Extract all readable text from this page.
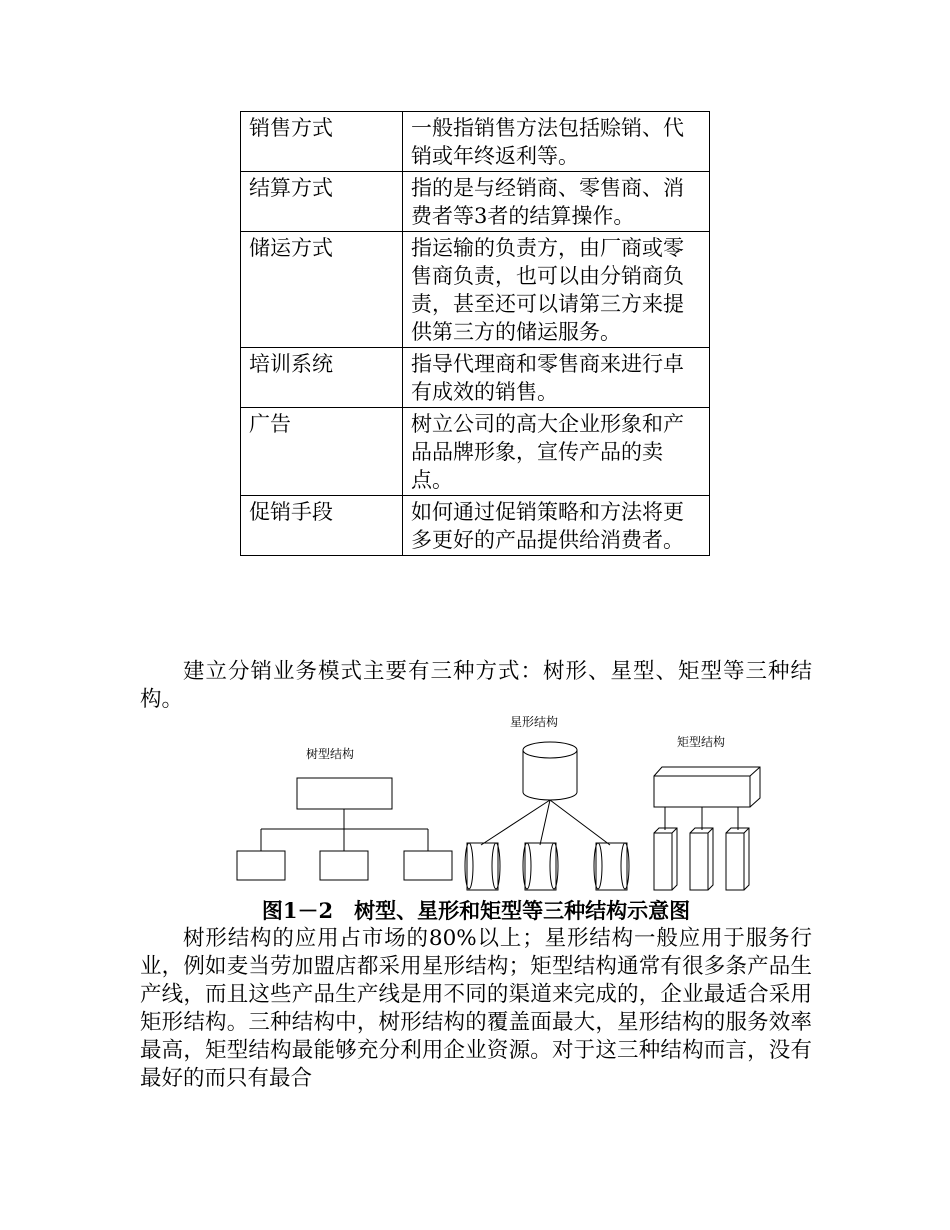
销售方式	一般指销售方法包括赊销、代销或年终返利等。
结算方式	指的是与经销商、零售商、消费者等3者的结算操作。
储运方式	指运输的负责方，由厂商或零售商负责，也可以由分销商负责，甚至还可以请第三方来提供第三方的储运服务。
培训系统	指导代理商和零售商来进行卓有成效的销售。
广告	树立公司的高大企业形象和产品品牌形象，宣传产品的卖点。
促销手段	如何通过促销策略和方法将更多更好的产品提供给消费者。

建立分销业务模式主要有三种方式：树形、星型、矩型等三种结构。

树型结构
星形结构
矩型结构
图1－2　树型、星形和矩型等三种结构示意图

树形结构的应用占市场的80%以上；星形结构一般应用于服务行业，例如麦当劳加盟店都采用星形结构；矩型结构通常有很多条产品生产线，而且这些产品生产线是用不同的渠道来完成的，企业最适合采用矩形结构。三种结构中，树形结构的覆盖面最大，星形结构的服务效率最高，矩型结构最能够充分利用企业资源。对于这三种结构而言，没有最好的而只有最合
